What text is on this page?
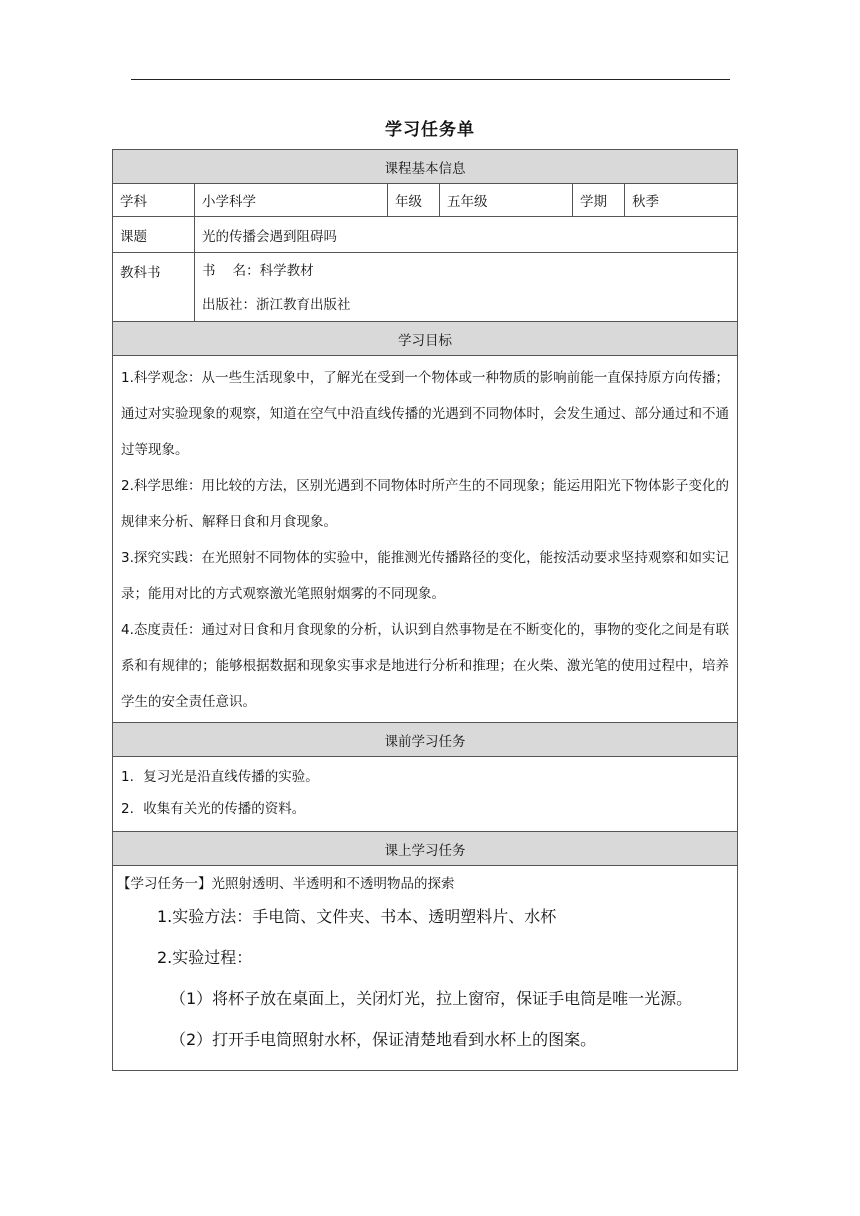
学习任务单
课程基本信息					
学科	小学科学	年级	五年级	学期	秋季
课题	光的传播会遇到阻碍吗				
教科书	书    名：科学教材
出版社：浙江教育出版社				

学习目标					

1.科学观念：从一些生活现象中，了解光在受到一个物体或一种物质的影响前能一直保持原方向传播；通过对实验现象的观察，知道在空气中沿直线传播的光遇到不同物体时，会发生通过、部分通过和不通过等现象。
2.科学思维：用比较的方法，区别光遇到不同物体时所产生的不同现象；能运用阳光下物体影子变化的规律来分析、解释日食和月食现象。
3.探究实践：在光照射不同物体的实验中，能推测光传播路径的变化，能按活动要求坚持观察和如实记录；能用对比的方式观察激光笔照射烟雾的不同现象。
4.态度责任：通过对日食和月食现象的分析，认识到自然事物是在不断变化的，事物的变化之间是有联系和有规律的；能够根据数据和现象实事求是地进行分析和推理；在火柴、激光笔的使用过程中，培养学生的安全责任意识。					

课前学习任务					

1. 复习光是沿直线传播的实验。
2. 收集有关光的传播的资料。					

课上学习任务					

【学习任务一】光照射透明、半透明和不透明物品的探索
1.实验方法：手电筒、文件夹、书本、透明塑料片、水杯
2.实验过程：
（1）将杯子放在桌面上，关闭灯光，拉上窗帘，保证手电筒是唯一光源。
（2）打开手电筒照射水杯，保证清楚地看到水杯上的图案。					
